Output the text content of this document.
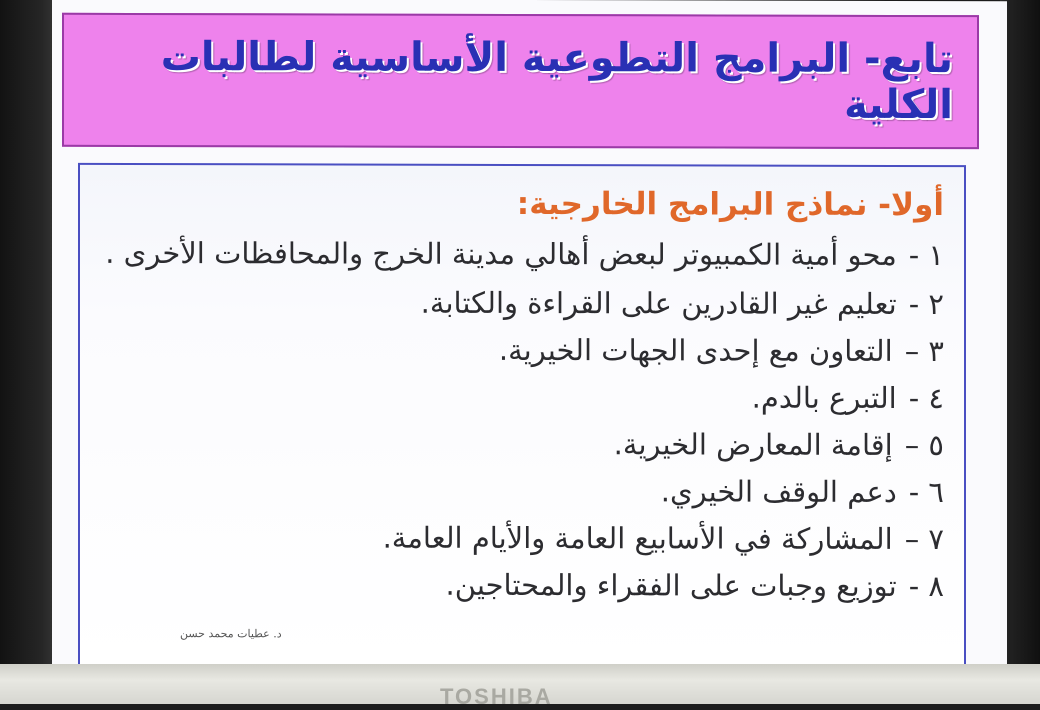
تابع- البرامج التطوعية الأساسية لطالبات الكلية
أولا- نماذج البرامج الخارجية:
١ -محو أمية الكمبيوتر لبعض أهالي مدينة الخرج والمحافظات الأخرى .
٢ -تعليم غير القادرين على القراءة والكتابة.
٣ –التعاون مع إحدى الجهات الخيرية.
٤ -التبرع بالدم.
٥ –إقامة المعارض الخيرية.
٦ -دعم الوقف الخيري.
٧ –المشاركة في الأسابيع العامة والأيام العامة.
٨ -توزيع وجبات على الفقراء والمحتاجين.
د. عطيات محمد حسن
TOSHIBA
